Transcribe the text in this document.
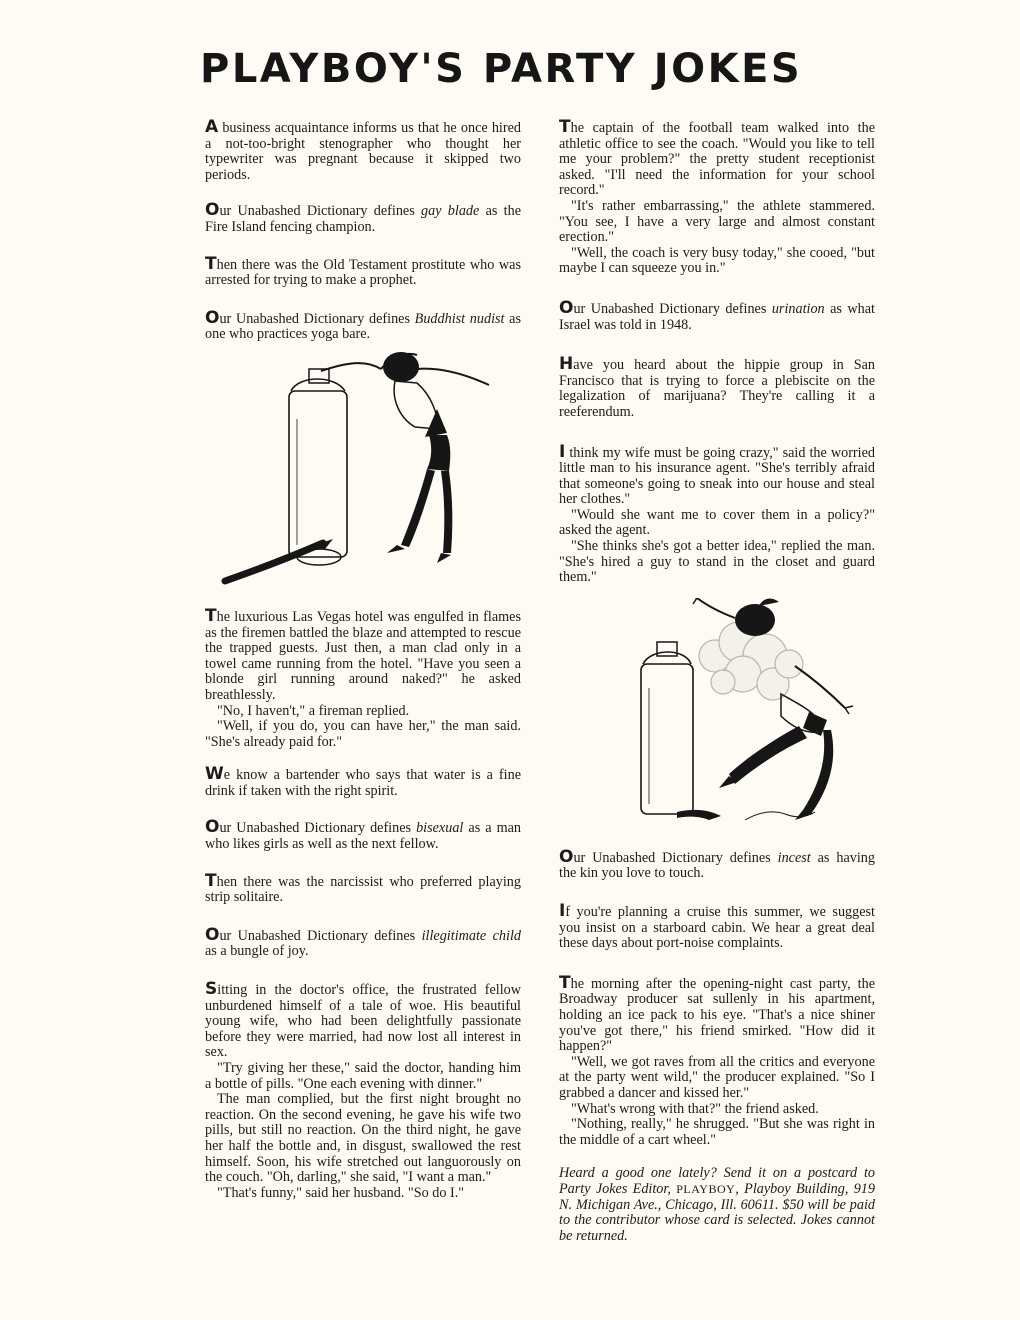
PLAYBOY'S PARTY JOKES

A business acquaintance informs us that he once hired a not-too-bright stenographer who thought her typewriter was pregnant because it skipped two periods.

Our Unabashed Dictionary defines gay blade as the Fire Island fencing champion.

Then there was the Old Testament prostitute who was arrested for trying to make a prophet.

Our Unabashed Dictionary defines Buddhist nudist as one who practices yoga bare.

The luxurious Las Vegas hotel was engulfed in flames as the firemen battled the blaze and attempted to rescue the trapped guests. Just then, a man clad only in a towel came running from the hotel. "Have you seen a blonde girl running around naked?" he asked breathlessly.

"No, I haven't," a fireman replied.

"Well, if you do, you can have her," the man said. "She's already paid for."

We know a bartender who says that water is a fine drink if taken with the right spirit.

Our Unabashed Dictionary defines bisexual as a man who likes girls as well as the next fellow.

Then there was the narcissist who preferred playing strip solitaire.

Our Unabashed Dictionary defines illegitimate child as a bungle of joy.

Sitting in the doctor's office, the frustrated fellow unburdened himself of a tale of woe. His beautiful young wife, who had been delightfully passionate before they were married, had now lost all interest in sex.

"Try giving her these," said the doctor, handing him a bottle of pills. "One each evening with dinner."

The man complied, but the first night brought no reaction. On the second evening, he gave his wife two pills, but still no reaction. On the third night, he gave her half the bottle and, in disgust, swallowed the rest himself. Soon, his wife stretched out languorously on the couch. "Oh, darling," she said, "I want a man."

"That's funny," said her husband. "So do I."

The captain of the football team walked into the athletic office to see the coach. "Would you like to tell me your problem?" the pretty student receptionist asked. "I'll need the information for your school record."

"It's rather embarrassing," the athlete stammered. "You see, I have a very large and almost constant erection."

"Well, the coach is very busy today," she cooed, "but maybe I can squeeze you in."

Our Unabashed Dictionary defines urination as what Israel was told in 1948.

Have you heard about the hippie group in San Francisco that is trying to force a plebiscite on the legalization of marijuana? They're calling it a reeferendum.

I think my wife must be going crazy," said the worried little man to his insurance agent. "She's terribly afraid that someone's going to sneak into our house and steal her clothes."

"Would she want me to cover them in a policy?" asked the agent.

"She thinks she's got a better idea," replied the man. "She's hired a guy to stand in the closet and guard them."

Our Unabashed Dictionary defines incest as having the kin you love to touch.

If you're planning a cruise this summer, we suggest you insist on a starboard cabin. We hear a great deal these days about port-noise complaints.

The morning after the opening-night cast party, the Broadway producer sat sullenly in his apartment, holding an ice pack to his eye. "That's a nice shiner you've got there," his friend smirked. "How did it happen?"

"Well, we got raves from all the critics and everyone at the party went wild," the producer explained. "So I grabbed a dancer and kissed her."

"What's wrong with that?" the friend asked.

"Nothing, really," he shrugged. "But she was right in the middle of a cart wheel."

Heard a good one lately? Send it on a postcard to Party Jokes Editor, PLAYBOY, Playboy Building, 919 N. Michigan Ave., Chicago, Ill. 60611. $50 will be paid to the contributor whose card is selected. Jokes cannot be returned.
